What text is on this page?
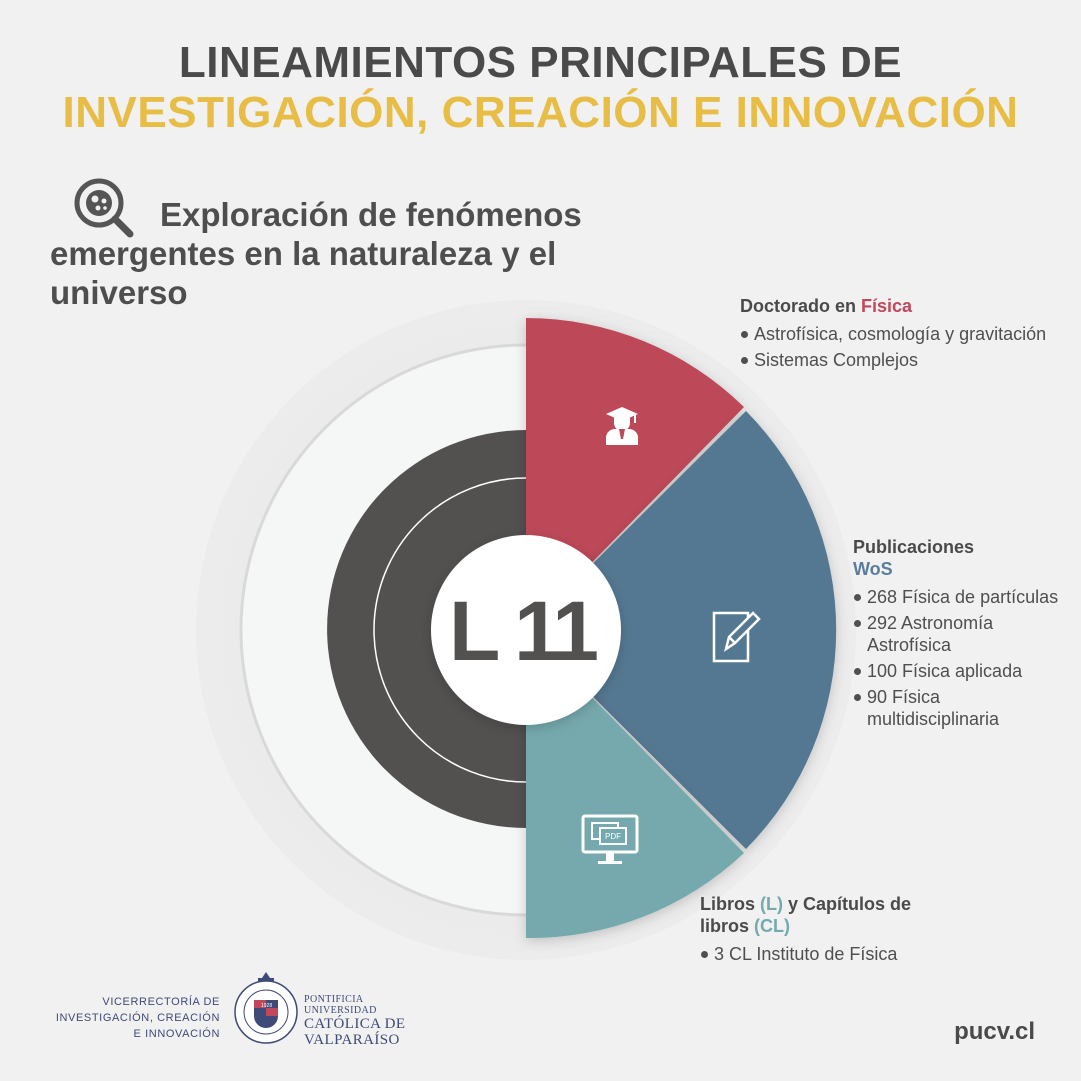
LINEAMIENTOS PRINCIPALES DE
INVESTIGACIÓN, CREACIÓN E INNOVACIÓN
Exploración de fenómenos emergentes en la naturaleza y el universo
L 11
PDF
Doctorado en Física
Astrofísica, cosmología y gravitación
Sistemas Complejos
Publicaciones
WoS
268 Física de partículas
292 Astronomía Astrofísica
100 Física aplicada
90 Física multidisciplinaria
Libros (L) y Capítulos de libros (CL)
3 CL Instituto de Física
VICERRECTORÍA DE
INVESTIGACIÓN, CREACIÓN
E INNOVACIÓN
1928
PONTIFICIA
UNIVERSIDAD
CATÓLICA DE
VALPARAÍSO	pucv.cl
